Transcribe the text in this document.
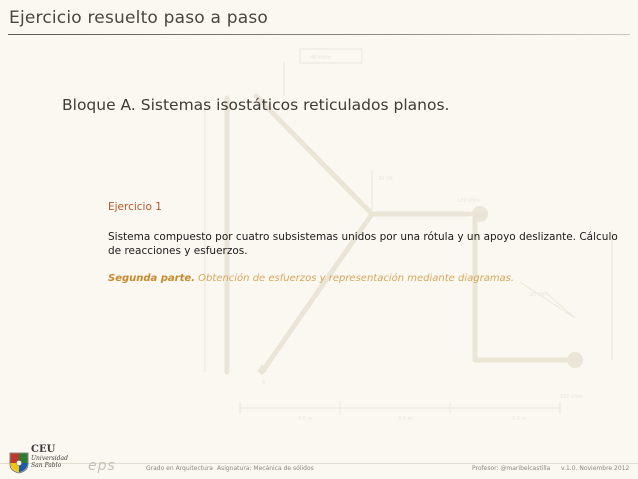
40 kN/m
30 kN
100 kNm
20 kN
150 kNm
A
4.0 m	3.0 m	3.0 m
Ejercicio resuelto paso a paso
Bloque A. Sistemas isostáticos reticulados planos.
Ejercicio 1
Sistema compuesto por cuatro subsistemas unidos por una rótula y un apoyo deslizante. Cálculo de reacciones y esfuerzos.
Segunda parte. Obtención de esfuerzos y representación mediante diagramas.
CEU
Universidad
San Pablo	eps	Grado en Arquitectura Asignatura: Mecánica de sólidos	Profesor: @maribelcastilla v.1.0. Noviembre 2012
